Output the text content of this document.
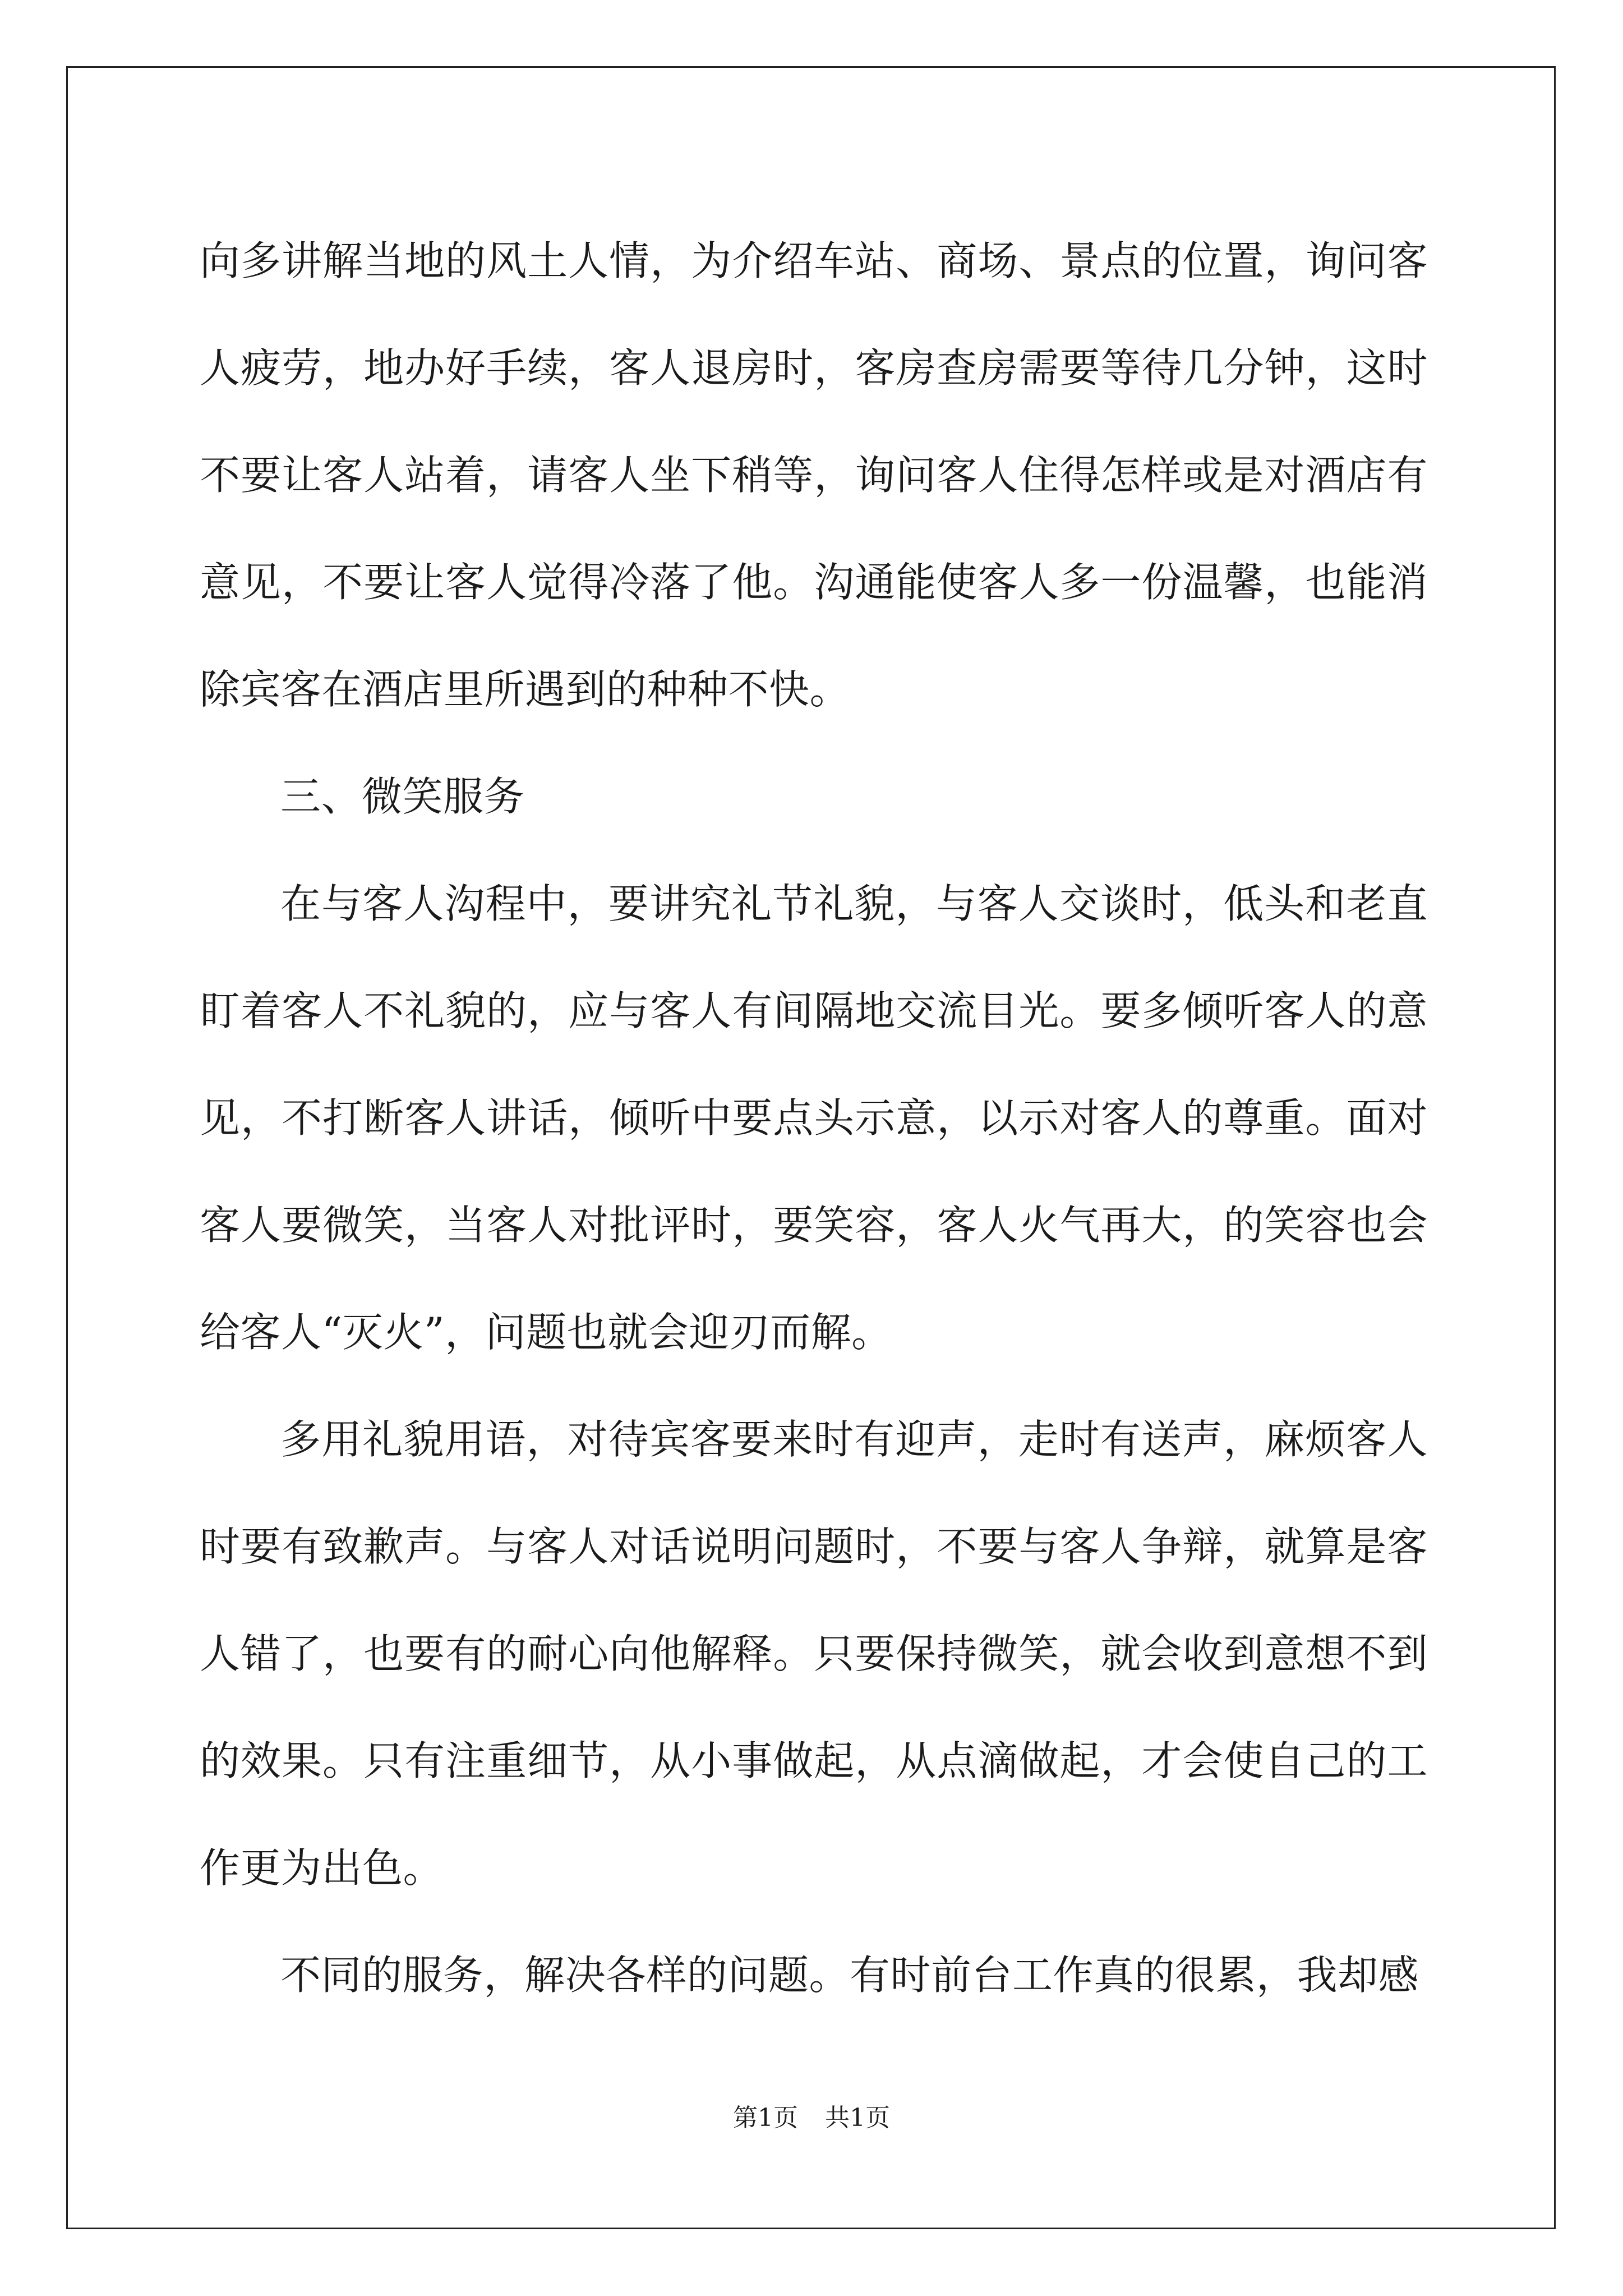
向多讲解当地的风土人情，为介绍车站、商场、景点的位置，询问客人疲劳，地办好手续，客人退房时，客房查房需要等待几分钟，这时不要让客人站着，请客人坐下稍等，询问客人住得怎样或是对酒店有意见，不要让客人觉得冷落了他。沟通能使客人多一份温馨，也能消除宾客在酒店里所遇到的种种不快。

三、微笑服务

在与客人沟程中，要讲究礼节礼貌，与客人交谈时，低头和老直盯着客人不礼貌的，应与客人有间隔地交流目光。要多倾听客人的意见，不打断客人讲话，倾听中要点头示意，以示对客人的尊重。面对客人要微笑，当客人对批评时，要笑容，客人火气再大，的笑容也会给客人“灭火”，问题也就会迎刃而解。

多用礼貌用语，对待宾客要来时有迎声，走时有送声，麻烦客人时要有致歉声。与客人对话说明问题时，不要与客人争辩，就算是客人错了，也要有的耐心向他解释。只要保持微笑，就会收到意想不到的效果。只有注重细节，从小事做起，从点滴做起，才会使自己的工作更为出色。

不同的服务，解决各样的问题。有时前台工作真的很累，我却感

第1页 共1页
